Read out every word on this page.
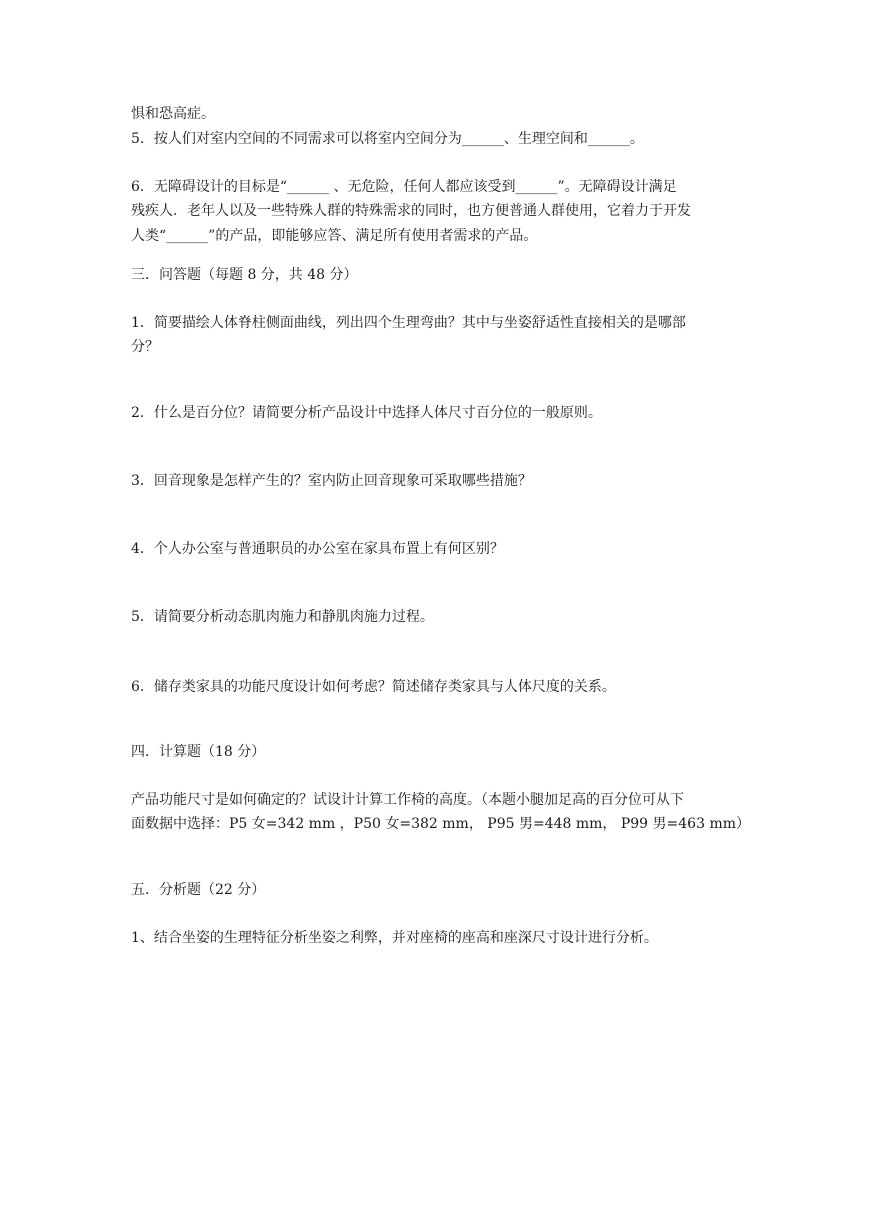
惧和恐高症。
5．按人们对室内空间的不同需求可以将室内空间分为______、生理空间和______。
6．无障碍设计的目标是“______ 、无危险，任何人都应该受到______”。无障碍设计满足
残疾人．老年人以及一些特殊人群的特殊需求的同时，也方便普通人群使用，它着力于开发
人类“______”的产品，即能够应答、满足所有使用者需求的产品。
三．问答题（每题 8 分，共 48 分）
1．简要描绘人体脊柱侧面曲线，列出四个生理弯曲？其中与坐姿舒适性直接相关的是哪部
分？
2．什么是百分位？请简要分析产品设计中选择人体尺寸百分位的一般原则。
3．回音现象是怎样产生的？室内防止回音现象可采取哪些措施？
4．个人办公室与普通职员的办公室在家具布置上有何区别？
5．请简要分析动态肌肉施力和静肌肉施力过程。
6．储存类家具的功能尺度设计如何考虑？简述储存类家具与人体尺度的关系。
四．计算题（18 分）
产品功能尺寸是如何确定的？试设计计算工作椅的高度。（本题小腿加足高的百分位可从下
面数据中选择：P5 女=342 mm ，P50 女=382 mm， P95 男=448 mm， P99 男=463 mm）
五．分析题（22 分）
1、结合坐姿的生理特征分析坐姿之利弊，并对座椅的座高和座深尺寸设计进行分析。
